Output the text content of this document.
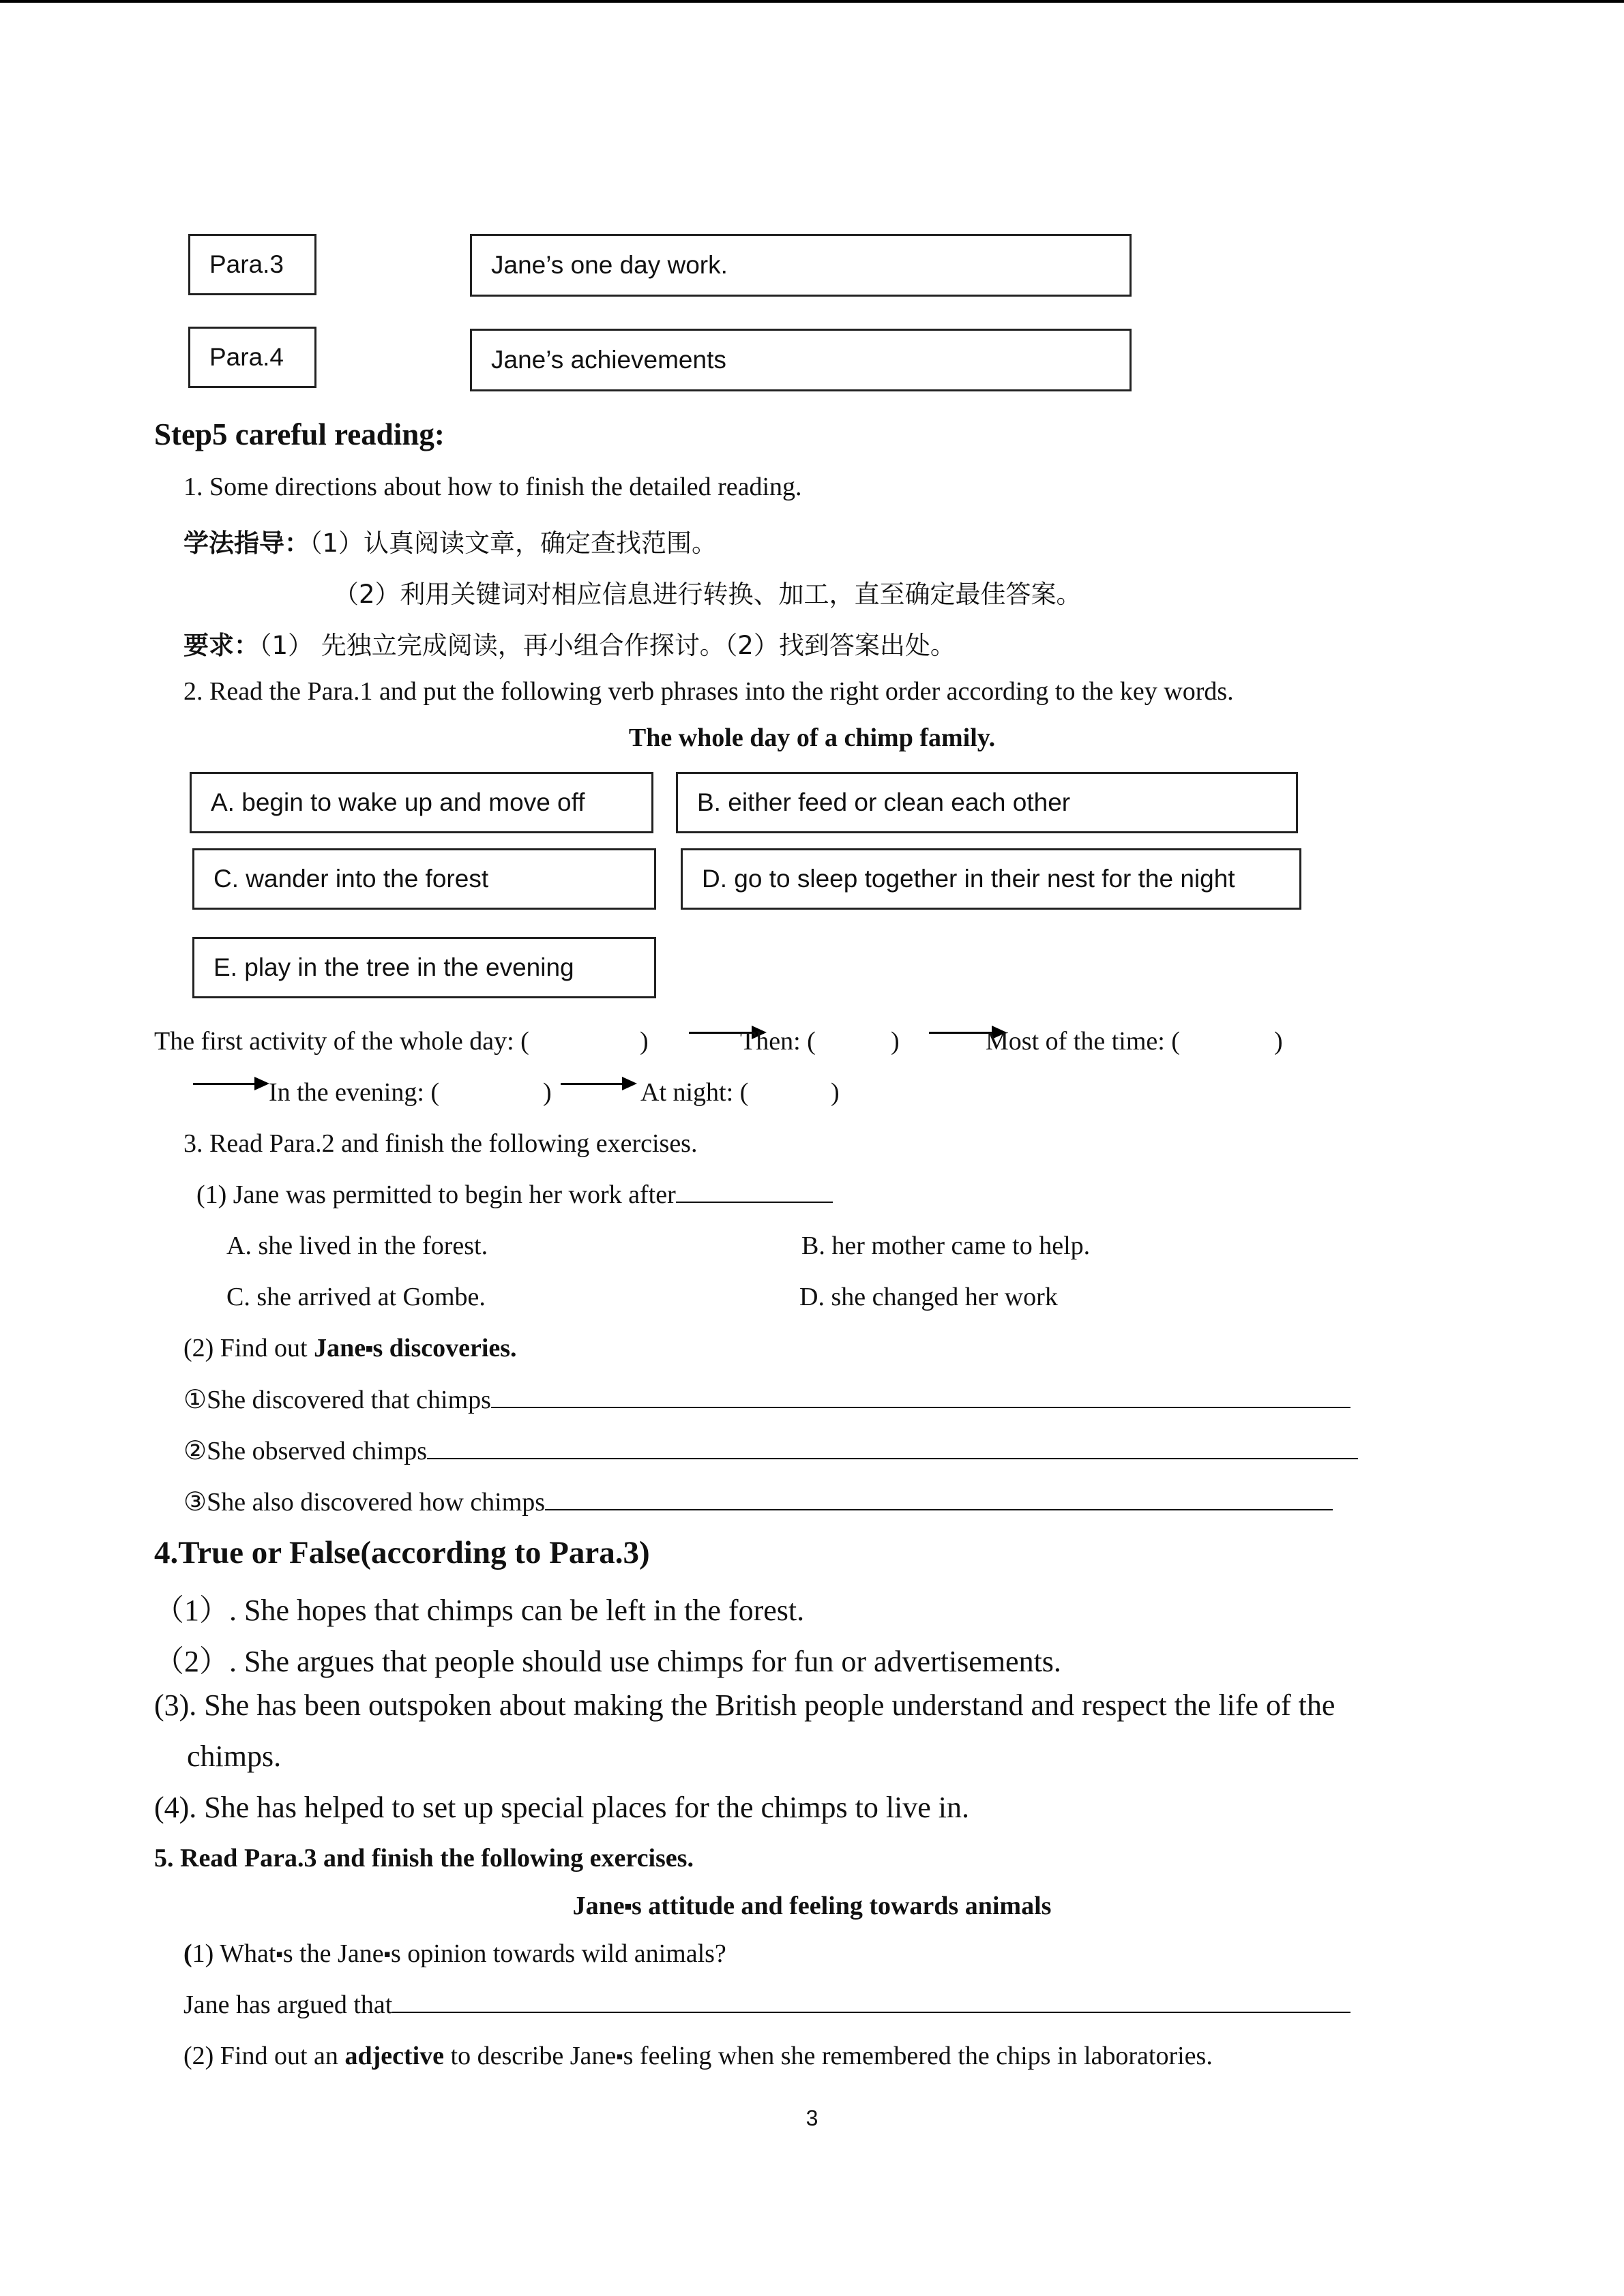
Para.3	Jane’s one day work.
Para.4	Jane’s achievements
Step5 careful reading:
1. Some directions about how to finish the detailed reading.
学法指导：（1）认真阅读文章，确定查找范围。
（2）利用关键词对相应信息进行转换、加工，直至确定最佳答案。
要求：（1） 先独立完成阅读，再小组合作探讨。（2）找到答案出处。
2. Read the Para.1 and put the following verb phrases into the right order according to the key words.
The whole day of a chimp family.
A. begin to wake up and move off	B. either feed or clean each other
C. wander into the forest	D. go to sleep together in their nest for the night
E. play in the tree in the evening
The first activity of the whole day: (	)	Then: (	)	Most of the time: (	)
In the evening: (	)	At night: (	)
3. Read Para.2 and finish the following exercises.
(1) Jane was permitted to begin her work after
A. she lived in the forest.	B. her mother came to help.
C. she arrived at Gombe.	D. she changed her work
(2) Find out Jane⬝s discoveries.
①She discovered that chimps
②She observed chimps
③She also discovered how chimps
4.True or False(according to Para.3)
（1）. She hopes that chimps can be left in the forest.
（2）. She argues that people should use chimps for fun or advertisements.
(3). She has been outspoken about making the British people understand and respect the life of the
chimps.
(4). She has helped to set up special places for the chimps to live in.
5. Read Para.3 and finish the following exercises.
Jane⬝s attitude and feeling towards animals
(1) What⬝s the Jane⬝s opinion towards wild animals?
Jane has argued that
(2) Find out an adjective to describe Jane⬝s feeling when she remembered the chips in laboratories.
3
